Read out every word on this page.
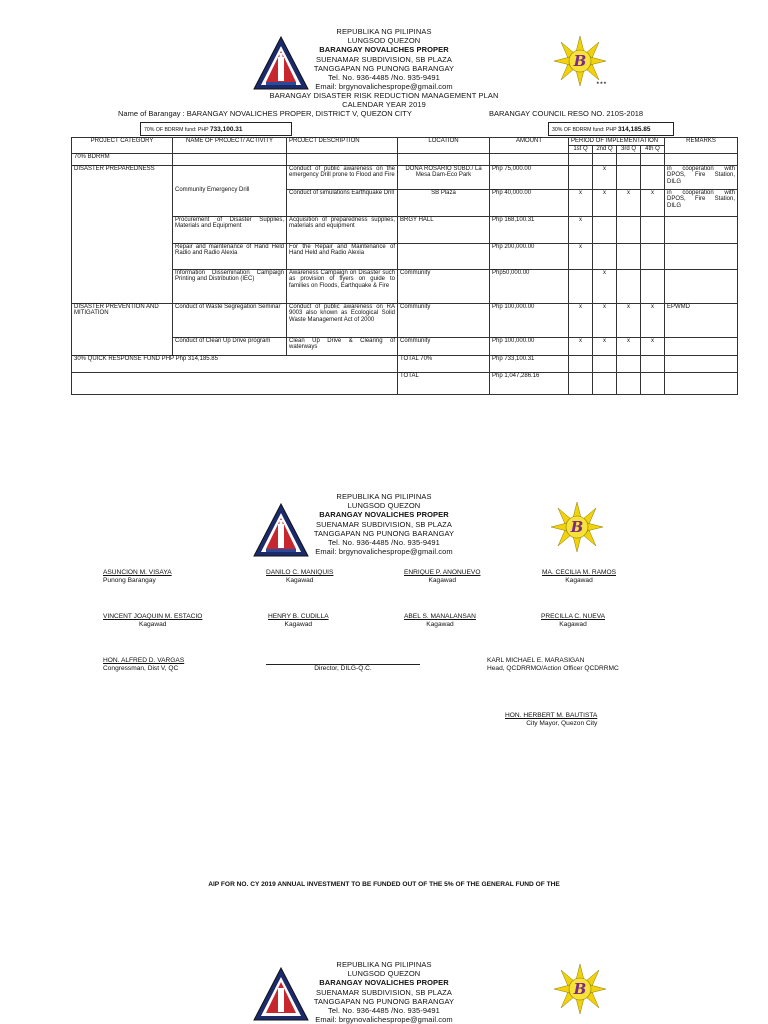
REPUBLIKA NG PILIPINAS
LUNGSOD QUEZON
BARANGAY NOVALICHES PROPER
SUENAMAR SUBDIVISION, SB PLAZA
TANGGAPAN NG PUNONG BARANGAY
Tel. No. 936-4485 /No. 935-9491
Email: brgynovalichesprope@gmail.com
REPUBLIKA NG PILIPINAS
LUNGSOD QUEZON
BARANGAY NOVALICHES PROPER
SUENAMAR SUBDIVISION, SB PLAZA
TANGGAPAN NG PUNONG BARANGAY
Tel. No. 936-4485 /No. 935-9491
Email: brgynovalichesprope@gmail.com
REPUBLIKA NG PILIPINAS
LUNGSOD QUEZON
BARANGAY NOVALICHES PROPER
SUENAMAR SUBDIVISION, SB PLAZA
TANGGAPAN NG PUNONG BARANGAY
Tel. No. 936-4485 /No. 935-9491
Email: brgynovalichesprope@gmail.com
B
★★★
B
B
BARANGAY DISASTER RISK REDUCTION MANAGEMENT PLAN
CALENDAR YEAR 2019
Name of Barangay : BARANGAY NOVALICHES PROPER, DISTRICT V, QUEZON CITY	BARANGAY COUNCIL RESO NO. 210S-2018
70% OF BDRRM fund: PHP 733,100.31	30% OF BDRRM fund: PHP 314,185.85
PROJECT CATEGORY	NAME OF PROJECT/ ACTIVITY	PROJECT DESCRIPTION	LOCATION	AMOUNT	PERIOD OF IMPLEMENTATION				REMARKS
					1st Q	2nd Q	3rd Q	4th Q	
70% BDRRM									
DISASTER PREPAREDNESS	Community Emergency Drill	Conduct of public awareness on the emergency Drill prone to Flood and Fire	DONA ROSARIO SUBD./ La Mesa Dam-Eco Park	Php 75,000.00		x			in cooperation with DPOS, Fire Station, DILG
		Conduct of simulations Earthquake Drill	SB Plaza	Php 40,000.00	x	x	x	x	in cooperation with DPOS, Fire Station, DILG
	Procurement of Disaster Supplies, Materials and Equipment	Acquisition of preparedness supplies, materials and equipment	BRGY HALL	Php 168,100.31	x				
	Repair and maintenance of Hand Held Radio and Radio Alexia	For the Repair and Maintenance of Hand Held and Radio Alexia		Php 200,000.00	x				
	Information Dissemination Campaign Printing and Distribution (IEC)	Awareness Campaign on Disaster such as provision of flyers on guide to families on Floods, Earthquake & Fire	Community	Php50,000.00		x			
DISASTER PREVENTION AND MITIGATION	Conduct of Waste Segregation Seminar	Conduct of public awareness on RA 9003 also known as Ecological Solid Waste Management Act of 2000	Community	Php 100,000.00	x	x	x	x	EPWMD
	Conduct of Clean Up Drive program	Clean Up Drive & Clearing of waterways	Community	Php 100,000.00	x	x	x	x	
30% QUICK RESPONSE FUND PHP Php 314,185.85			TOTAL 70%	Php 733,100.31					
			TOTAL	Php 1,047,286.16					
ASUNCION M. VISAYA
Punong Barangay
DANILO C. MANIQUIS
Kagawad
ENRIQUE P. ANONUEVO
Kagawad
MA. CECILIA M. RAMOS
Kagawad
VINCENT JOAQUIN M. ESTACIO
Kagawad
HENRY B. CUDILLA
Kagawad
ABEL S. MANALANSAN
Kagawad
PRECILLA C. NUEVA
Kagawad
HON. ALFRED D. VARGAS
Congressman, Dist V, QC	Director, DILG-Q.C.
KARL MICHAEL E. MARASIGAN
Head, QCDRRMO/Action Officer QCDRRMC
HON. HERBERT M. BAUTISTA
City Mayor, Quezon City
AIP FOR NO. CY 2019 ANNUAL INVESTMENT TO BE FUNDED OUT OF THE 5% OF THE GENERAL FUND OF THE
